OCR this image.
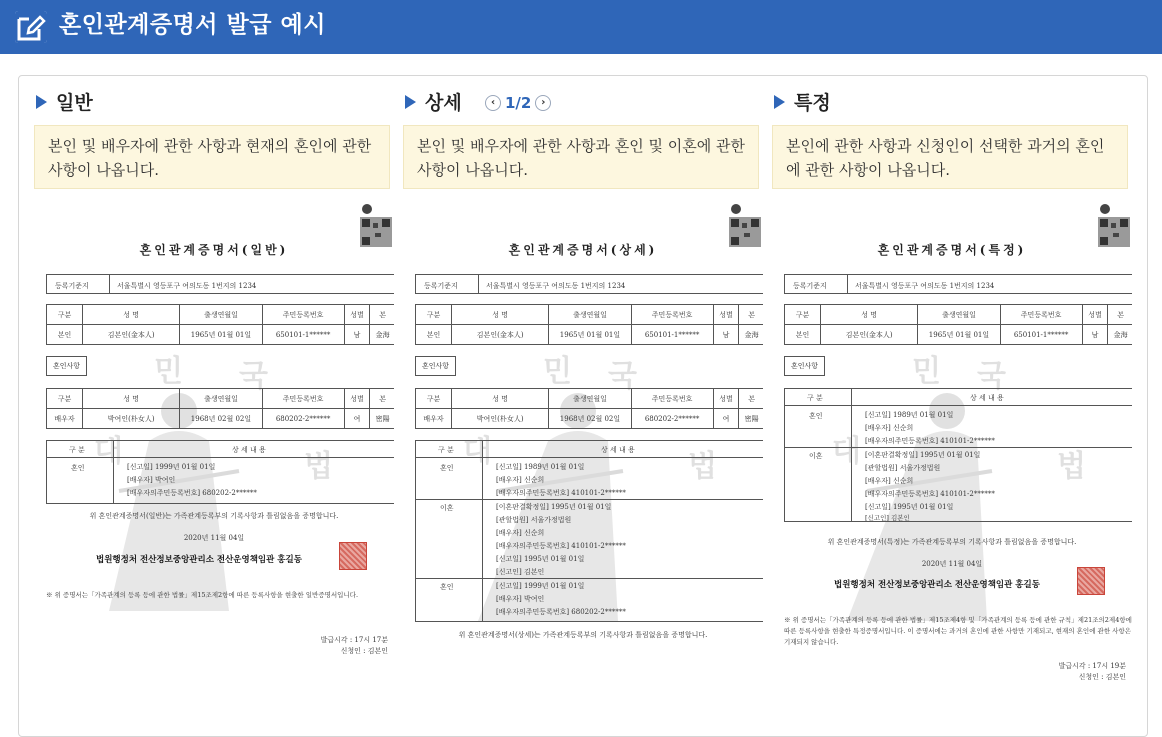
혼인관계증명서 발급 예시
일반
본인 및 배우자에 관한 사항과 현재의 혼인에 관한 사항이 나옵니다.
민 국
대	법
혼인관계증명서(일반)
등록기준지	서울특별시 영등포구 여의도동 1번지의 1234
구분	성 명	출생연월일	주민등록번호	성별	본
본인	김본인(金本人)	1965년 01월 01일	650101-1******	남	金海
혼인사항
구분	성 명	출생연월일	주민등록번호	성별	본
배우자	박여인(朴女人)	1968년 02월 02일	680202-2******	여	密陽
구 분	상 세 내 용
혼인	[신고일] 1999년 01월 01일
[배우자] 박여인
[배우자의주민등록번호] 680202-2******
위 혼인관계증명서(일반)는 가족관계등록부의 기록사항과 틀림없음을 증명합니다.
2020년 11월 04일
법원행정처 전산정보중앙관리소 전산운영책임관 홍길동
※ 위 증명서는「가족관계의 등록 등에 관한 법률」제15조제2항에 따른 등록사항을 현출한 일반증명서입니다.
발급시각 : 17시 17분
신청인 : 김본인
상세	‹ 1/2 ›
본인 및 배우자에 관한 사항과 혼인 및 이혼에 관한 사항이 나옵니다.
민 국
대	법
혼인관계증명서(상세)
등록기준지	서울특별시 영등포구 여의도동 1번지의 1234
구분	성 명	출생연월일	주민등록번호	성별	본
본인	김본인(金本人)	1965년 01월 01일	650101-1******	남	金海
혼인사항
구분	성 명	출생연월일	주민등록번호	성별	본
배우자	박여인(朴女人)	1968년 02월 02일	680202-2******	여	密陽
구 분	상 세 내 용
혼인	[신고일] 1989년 01월 01일
[배우자] 신순희
[배우자의주민등록번호] 410101-2******
이혼	[이혼판결확정일] 1995년 01월 01일
[관할법원] 서울가정법원
[배우자] 신순희
[배우자의주민등록번호] 410101-2******
[신고일] 1995년 01월 01일
[신고인] 김본인
혼인	[신고일] 1999년 01월 01일
[배우자] 박여인
[배우자의주민등록번호] 680202-2******
위 혼인관계증명서(상세)는 가족관계등록부의 기록사항과 틀림없음을 증명합니다.
특정
본인에 관한 사항과 신청인이 선택한 과거의 혼인에 관한 사항이 나옵니다.
민 국
대	법
혼인관계증명서(특정)
등록기준지	서울특별시 영등포구 여의도동 1번지의 1234
구분	성 명	출생연월일	주민등록번호	성별	본
본인	김본인(金本人)	1965년 01월 01일	650101-1******	남	金海
혼인사항
구 분	상 세 내 용
혼인	[신고일] 1989년 01월 01일
[배우자] 신순희
[배우자의주민등록번호] 410101-2******
이혼	[이혼판결확정일] 1995년 01월 01일
[관할법원] 서울가정법원
[배우자] 신순희
[배우자의주민등록번호] 410101-2******
[신고일] 1995년 01월 01일
[신고인] 김본인
위 혼인관계증명서(특정)는 가족관계등록부의 기록사항과 틀림없음을 증명합니다.
2020년 11월 04일
법원행정처 전산정보중앙관리소 전산운영책임관 홍길동
※ 위 증명서는「가족관계의 등록 등에 관한 법률」제15조제4항 및「가족관계의 등록 등에 관한 규칙」제21조의2제4항에 따른 등록사항을 현출한 특정증명서입니다. 이 증명서에는 과거의 혼인에 관한 사항만 기재되고, 현재의 혼인에 관한 사항은 기재되지 않습니다.
발급시각 : 17시 19분
신청인 : 김본인
